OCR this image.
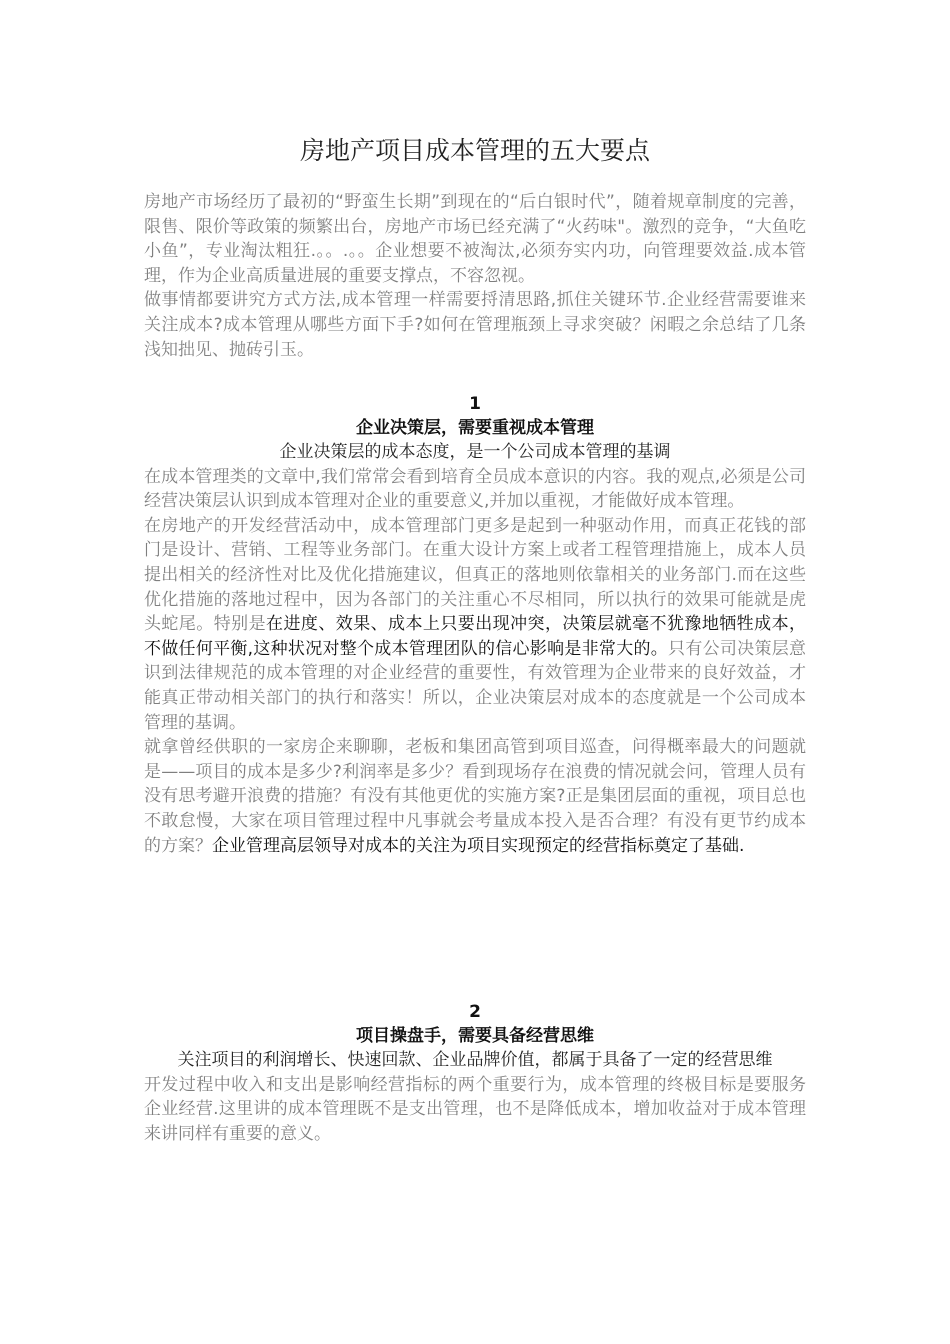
房地产项目成本管理的五大要点

房地产市场经历了最初的“野蛮生长期”到现在的“后白银时代”，随着规章制度的完善，限售、限价等政策的频繁出台，房地产市场已经充满了“火药味"。激烈的竞争，“大鱼吃小鱼”，专业淘汰粗狂.。。.。。企业想要不被淘汰,必须夯实内功，向管理要效益.成本管理，作为企业高质量进展的重要支撑点，不容忽视。

做事情都要讲究方式方法,成本管理一样需要捋清思路,抓住关键环节.企业经营需要谁来关注成本?成本管理从哪些方面下手?如何在管理瓶颈上寻求突破？闲暇之余总结了几条浅知拙见、抛砖引玉。

1

企业决策层，需要重视成本管理

企业决策层的成本态度，是一个公司成本管理的基调

在成本管理类的文章中,我们常常会看到培育全员成本意识的内容。我的观点,必须是公司经营决策层认识到成本管理对企业的重要意义,并加以重视，才能做好成本管理。

在房地产的开发经营活动中，成本管理部门更多是起到一种驱动作用，而真正花钱的部门是设计、营销、工程等业务部门。在重大设计方案上或者工程管理措施上，成本人员提出相关的经济性对比及优化措施建议，但真正的落地则依靠相关的业务部门.而在这些优化措施的落地过程中，因为各部门的关注重心不尽相同，所以执行的效果可能就是虎头蛇尾。特别是在进度、效果、成本上只要出现冲突，决策层就毫不犹豫地牺牲成本，不做任何平衡,这种状况对整个成本管理团队的信心影响是非常大的。只有公司决策层意识到法律规范的成本管理的对企业经营的重要性，有效管理为企业带来的良好效益，才能真正带动相关部门的执行和落实！所以，企业决策层对成本的态度就是一个公司成本管理的基调。

就拿曾经供职的一家房企来聊聊，老板和集团高管到项目巡查，问得概率最大的问题就是——项目的成本是多少?利润率是多少？看到现场存在浪费的情况就会问，管理人员有没有思考避开浪费的措施？有没有其他更优的实施方案?正是集团层面的重视，项目总也不敢怠慢，大家在项目管理过程中凡事就会考量成本投入是否合理？有没有更节约成本的方案？企业管理高层领导对成本的关注为项目实现预定的经营指标奠定了基础.

2

项目操盘手，需要具备经营思维

关注项目的利润增长、快速回款、企业品牌价值，都属于具备了一定的经营思维

开发过程中收入和支出是影响经营指标的两个重要行为，成本管理的终极目标是要服务企业经营.这里讲的成本管理既不是支出管理，也不是降低成本，增加收益对于成本管理来讲同样有重要的意义。
